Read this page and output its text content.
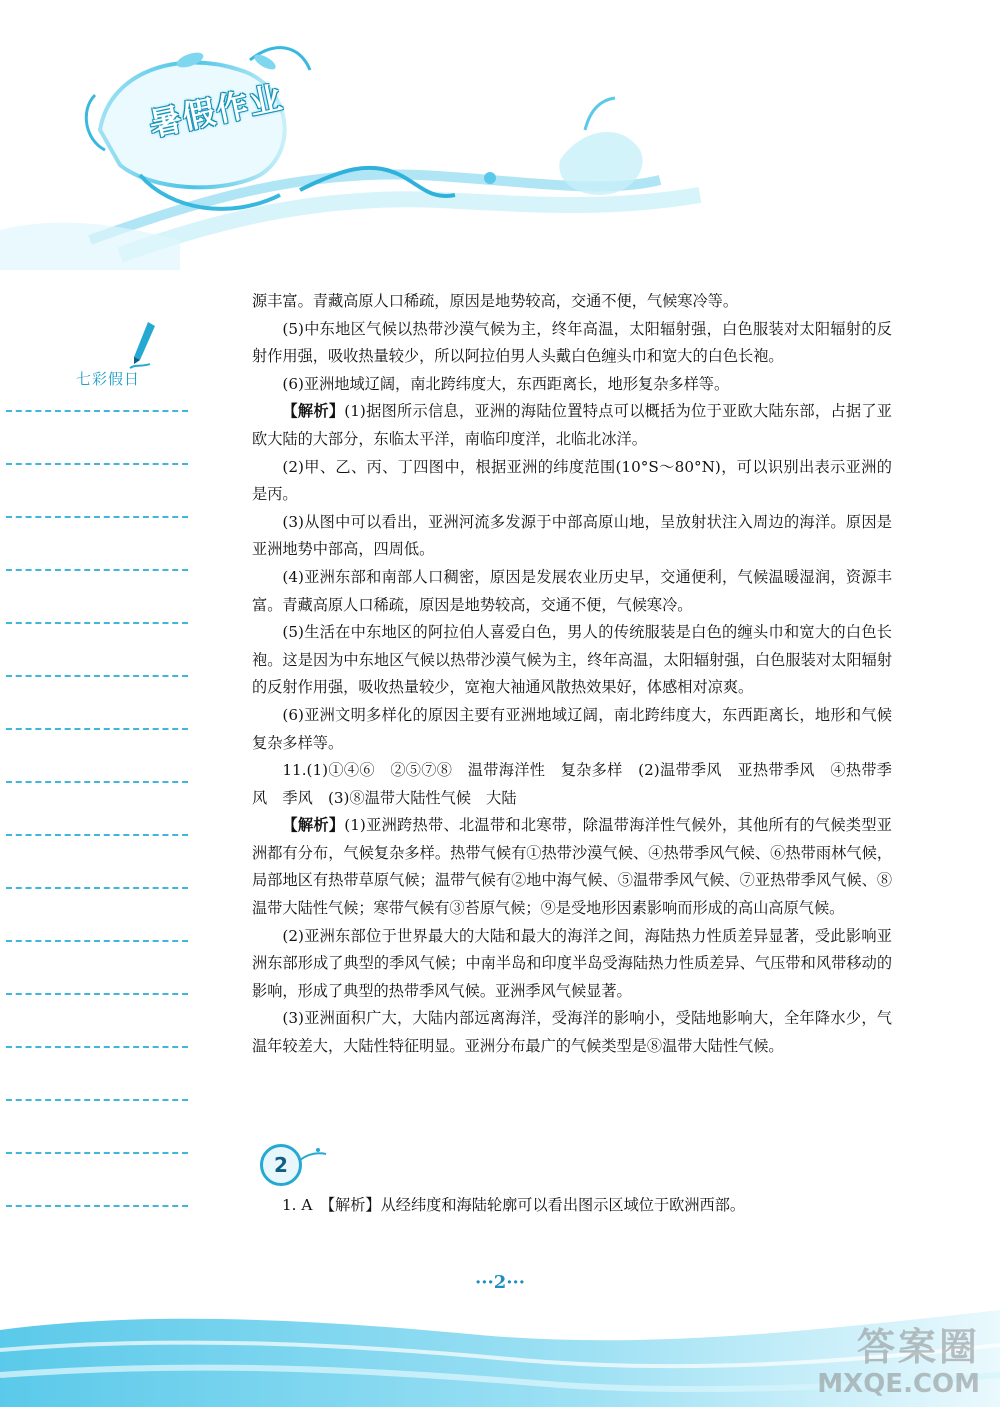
暑假作业
七彩假日

源丰富。青藏高原人口稀疏，原因是地势较高，交通不便，气候寒冷等。

(5)中东地区气候以热带沙漠气候为主，终年高温，太阳辐射强，白色服装对太阳辐射的反射作用强，吸收热量较少，所以阿拉伯男人头戴白色缠头巾和宽大的白色长袍。

(6)亚洲地域辽阔，南北跨纬度大，东西距离长，地形复杂多样等。

【解析】(1)据图所示信息，亚洲的海陆位置特点可以概括为位于亚欧大陆东部，占据了亚欧大陆的大部分，东临太平洋，南临印度洋，北临北冰洋。

(2)甲、乙、丙、丁四图中，根据亚洲的纬度范围(10°S～80°N)，可以识别出表示亚洲的是丙。

(3)从图中可以看出，亚洲河流多发源于中部高原山地，呈放射状注入周边的海洋。原因是亚洲地势中部高，四周低。

(4)亚洲东部和南部人口稠密，原因是发展农业历史早，交通便利，气候温暖湿润，资源丰富。青藏高原人口稀疏，原因是地势较高，交通不便，气候寒冷。

(5)生活在中东地区的阿拉伯人喜爱白色，男人的传统服装是白色的缠头巾和宽大的白色长袍。这是因为中东地区气候以热带沙漠气候为主，终年高温，太阳辐射强，白色服装对太阳辐射的反射作用强，吸收热量较少，宽袍大袖通风散热效果好，体感相对凉爽。

(6)亚洲文明多样化的原因主要有亚洲地域辽阔，南北跨纬度大，东西距离长，地形和气候复杂多样等。

11.(1)①④⑥　②⑤⑦⑧　温带海洋性　复杂多样　(2)温带季风　亚热带季风　④热带季风　季风　(3)⑧温带大陆性气候　大陆

【解析】(1)亚洲跨热带、北温带和北寒带，除温带海洋性气候外，其他所有的气候类型亚洲都有分布，气候复杂多样。热带气候有①热带沙漠气候、④热带季风气候、⑥热带雨林气候，局部地区有热带草原气候；温带气候有②地中海气候、⑤温带季风气候、⑦亚热带季风气候、⑧温带大陆性气候；寒带气候有③苔原气候；⑨是受地形因素影响而形成的高山高原气候。

(2)亚洲东部位于世界最大的大陆和最大的海洋之间，海陆热力性质差异显著，受此影响亚洲东部形成了典型的季风气候；中南半岛和印度半岛受海陆热力性质差异、气压带和风带移动的影响，形成了典型的热带季风气候。亚洲季风气候显著。

(3)亚洲面积广大，大陆内部远离海洋，受海洋的影响小，受陆地影响大，全年降水少，气温年较差大，大陆性特征明显。亚洲分布最广的气候类型是⑧温带大陆性气候。

2
1. A　【解析】从经纬度和海陆轮廓可以看出图示区域位于欧洲西部。
···2···
答案圈
MXQE.COM
